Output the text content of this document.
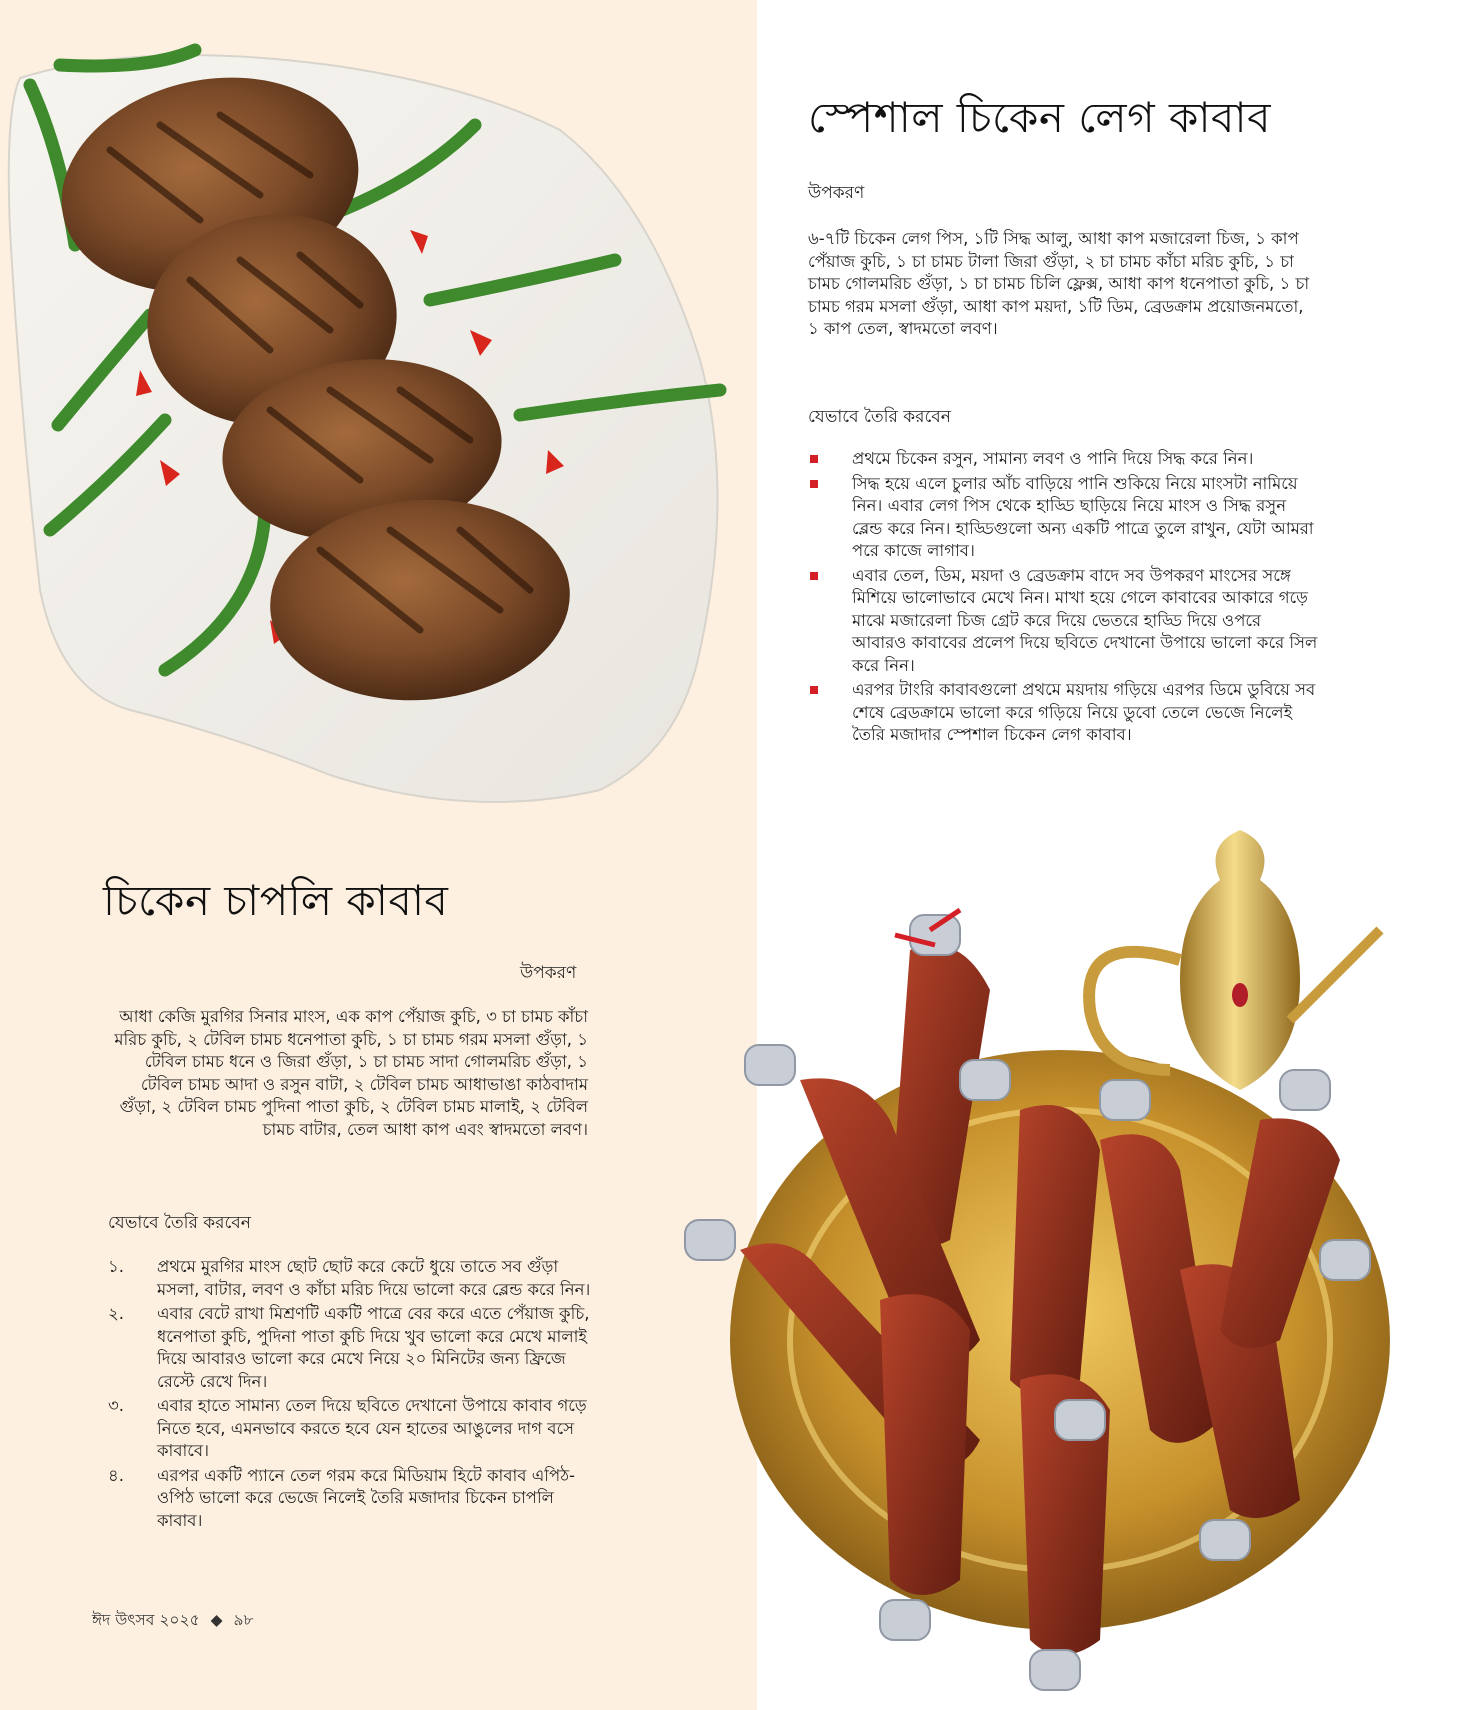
স্পেশাল চিকেন লেগ কাবাব
উপকরণ
৬-৭টি চিকেন লেগ পিস, ১টি সিদ্ধ আলু, আধা কাপ মজারেলা চিজ, ১ কাপ পেঁয়াজ কুচি, ১ চা চামচ টালা জিরা গুঁড়া, ২ চা চামচ কাঁচা মরিচ কুচি, ১ চা চামচ গোলমরিচ গুঁড়া, ১ চা চামচ চিলি ফ্লেক্স, আধা কাপ ধনেপাতা কুচি, ১ চা চামচ গরম মসলা গুঁড়া, আধা কাপ ময়দা, ১টি ডিম, ব্রেডক্রাম প্রয়োজনমতো, ১ কাপ তেল, স্বাদমতো লবণ।
যেভাবে তৈরি করবেন
প্রথমে চিকেন রসুন, সামান্য লবণ ও পানি দিয়ে সিদ্ধ করে নিন।
সিদ্ধ হয়ে এলে চুলার আঁচ বাড়িয়ে পানি শুকিয়ে নিয়ে মাংসটা নামিয়ে নিন। এবার লেগ পিস থেকে হাড্ডি ছাড়িয়ে নিয়ে মাংস ও সিদ্ধ রসুন ব্লেন্ড করে নিন। হাড্ডিগুলো অন্য একটি পাত্রে তুলে রাখুন, যেটা আমরা পরে কাজে লাগাব।
এবার তেল, ডিম, ময়দা ও ব্রেডক্রাম বাদে সব উপকরণ মাংসের সঙ্গে মিশিয়ে ভালোভাবে মেখে নিন। মাখা হয়ে গেলে কাবাবের আকারে গড়ে মাঝে মজারেলা চিজ গ্রেট করে দিয়ে ভেতরে হাড্ডি দিয়ে ওপরে আবারও কাবাবের প্রলেপ দিয়ে ছবিতে দেখানো উপায়ে ভালো করে সিল করে নিন।
এরপর টাংরি কাবাবগুলো প্রথমে ময়দায় গড়িয়ে এরপর ডিমে ডুবিয়ে সব শেষে ব্রেডক্রামে ভালো করে গড়িয়ে নিয়ে ডুবো তেলে ভেজে নিলেই তৈরি মজাদার স্পেশাল চিকেন লেগ কাবাব।
চিকেন চাপলি কাবাব
উপকরণ
আধা কেজি মুরগির সিনার মাংস, এক কাপ পেঁয়াজ কুচি, ৩ চা চামচ কাঁচা মরিচ কুচি, ২ টেবিল চামচ ধনেপাতা কুচি, ১ চা চামচ গরম মসলা গুঁড়া, ১ টেবিল চামচ ধনে ও জিরা গুঁড়া, ১ চা চামচ সাদা গোলমরিচ গুঁড়া, ১ টেবিল চামচ আদা ও রসুন বাটা, ২ টেবিল চামচ আধাভাঙা কাঠবাদাম গুঁড়া, ২ টেবিল চামচ পুদিনা পাতা কুচি, ২ টেবিল চামচ মালাই, ২ টেবিল চামচ বাটার, তেল আধা কাপ এবং স্বাদমতো লবণ।
যেভাবে তৈরি করবেন
১. প্রথমে মুরগির মাংস ছোট ছোট করে কেটে ধুয়ে তাতে সব গুঁড়া মসলা, বাটার, লবণ ও কাঁচা মরিচ দিয়ে ভালো করে ব্লেন্ড করে নিন।
২. এবার বেটে রাখা মিশ্রণটি একটি পাত্রে বের করে এতে পেঁয়াজ কুচি, ধনেপাতা কুচি, পুদিনা পাতা কুচি দিয়ে খুব ভালো করে মেখে মালাই দিয়ে আবারও ভালো করে মেখে নিয়ে ২০ মিনিটের জন্য ফ্রিজে রেস্টে রেখে দিন।
৩. এবার হাতে সামান্য তেল দিয়ে ছবিতে দেখানো উপায়ে কাবাব গড়ে নিতে হবে, এমনভাবে করতে হবে যেন হাতের আঙুলের দাগ বসে কাবাবে।
৪. এরপর একটি প্যানে তেল গরম করে মিডিয়াম হিটে কাবাব এপিঠ-ওপিঠ ভালো করে ভেজে নিলেই তৈরি মজাদার চিকেন চাপলি কাবাব।
ঈদ উৎসব ২০২৫ ◆ ৯৮
